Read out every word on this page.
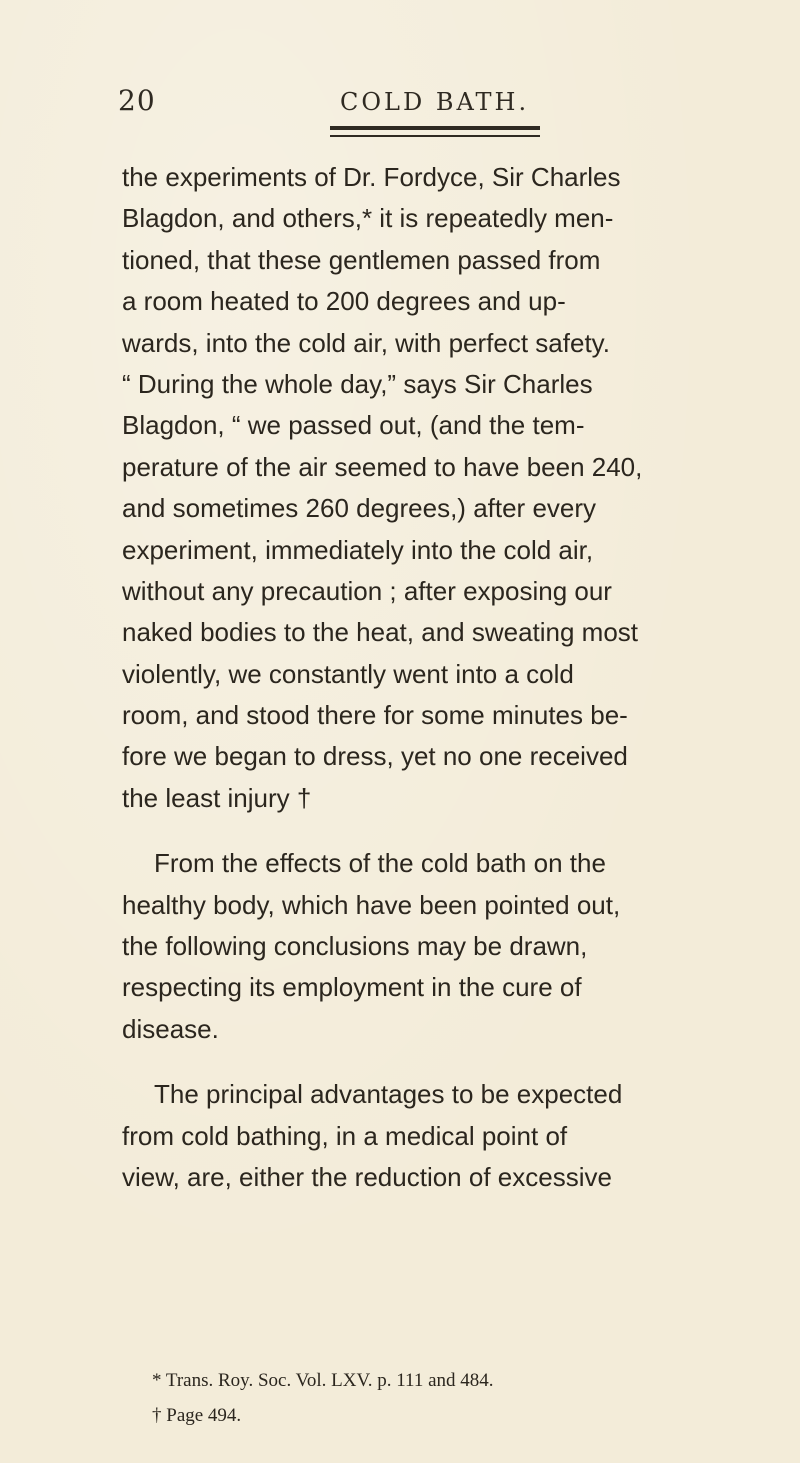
20	COLD BATH.
the experiments of Dr. Fordyce, Sir Charles
Blagdon, and others,* it is repeatedly men-
tioned, that these gentlemen passed from
a room heated to 200 degrees and up-
wards, into the cold air, with perfect safety.
“ During the whole day,” says Sir Charles
Blagdon, “ we passed out, (and the tem-
perature of the air seemed to have been 240,
and sometimes 260 degrees,) after every
experiment, immediately into the cold air,
without any precaution ; after exposing our
naked bodies to the heat, and sweating most
violently, we constantly went into a cold
room, and stood there for some minutes be-
fore we began to dress, yet no one received
the least injury †
From the effects of the cold bath on the
healthy body, which have been pointed out,
the following conclusions may be drawn,
respecting its employment in the cure of
disease.
The principal advantages to be expected
from cold bathing, in a medical point of
view, are, either the reduction of excessive
* Trans. Roy. Soc. Vol. LXV. p. 111 and 484.
† Page 494.
